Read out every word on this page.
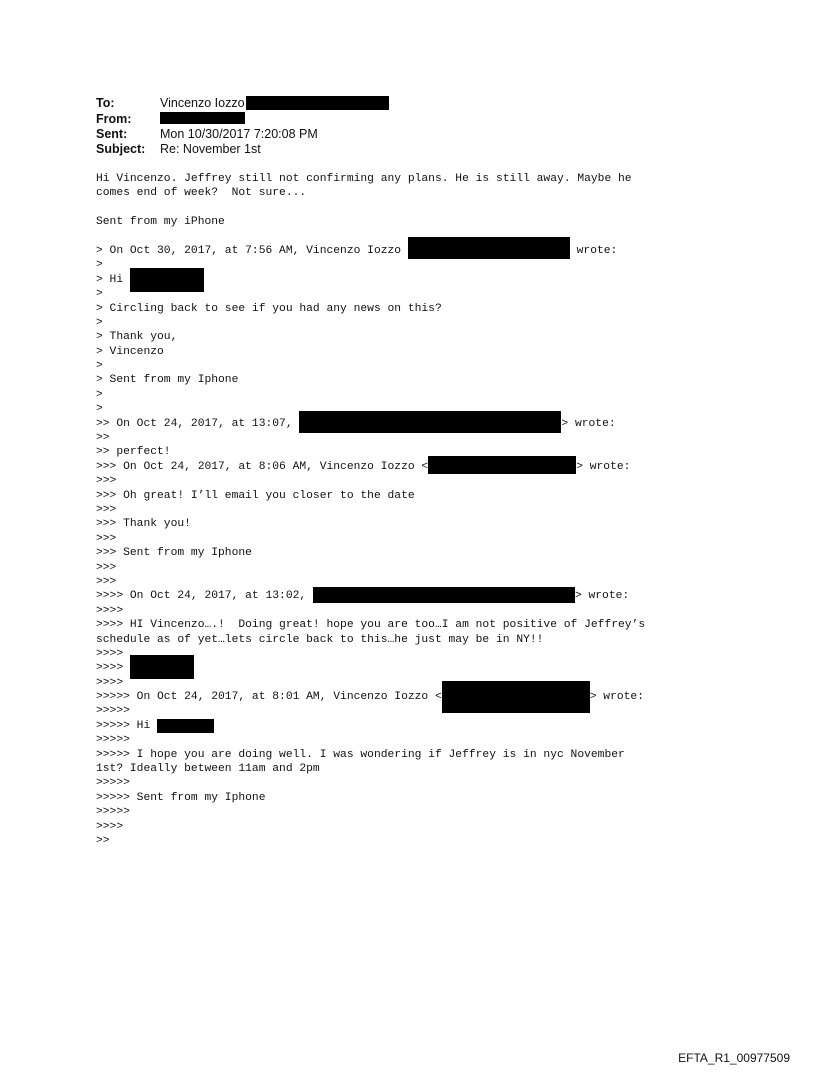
To:	Vincenzo Iozzo
From:
Sent:	Mon 10/30/2017 7:20:08 PM
Subject: Re: November 1st
Hi Vincenzo. Jeffrey still not confirming any plans. He is still away. Maybe he
comes end of week?  Not sure...
Sent from my iPhone
> On Oct 30, 2017, at 7:56 AM, Vincenzo Iozzo	wrote:
>
> Hi
>
> Circling back to see if you had any news on this?
>
> Thank you,
> Vincenzo
>
> Sent from my Iphone
>
>
>> On Oct 24, 2017, at 13:07,	> wrote:
>>
>> perfect!
>>> On Oct 24, 2017, at 8:06 AM, Vincenzo Iozzo <	> wrote:
>>>
>>> Oh great! I’ll email you closer to the date
>>>
>>> Thank you!
>>>
>>> Sent from my Iphone
>>>
>>>
>>>> On Oct 24, 2017, at 13:02,	> wrote:
>>>>
>>>> HI Vincenzo….!  Doing great! hope you are too…I am not positive of Jeffrey’s
schedule as of yet…lets circle back to this…he just may be in NY!!
>>>>
>>>>
>>>>
>>>>> On Oct 24, 2017, at 8:01 AM, Vincenzo Iozzo <	> wrote:
>>>>>
>>>>> Hi
>>>>>
>>>>> I hope you are doing well. I was wondering if Jeffrey is in nyc November
1st? Ideally between 11am and 2pm
>>>>>
>>>>> Sent from my Iphone
>>>>>
>>>>
>>
EFTA_R1_00977509
